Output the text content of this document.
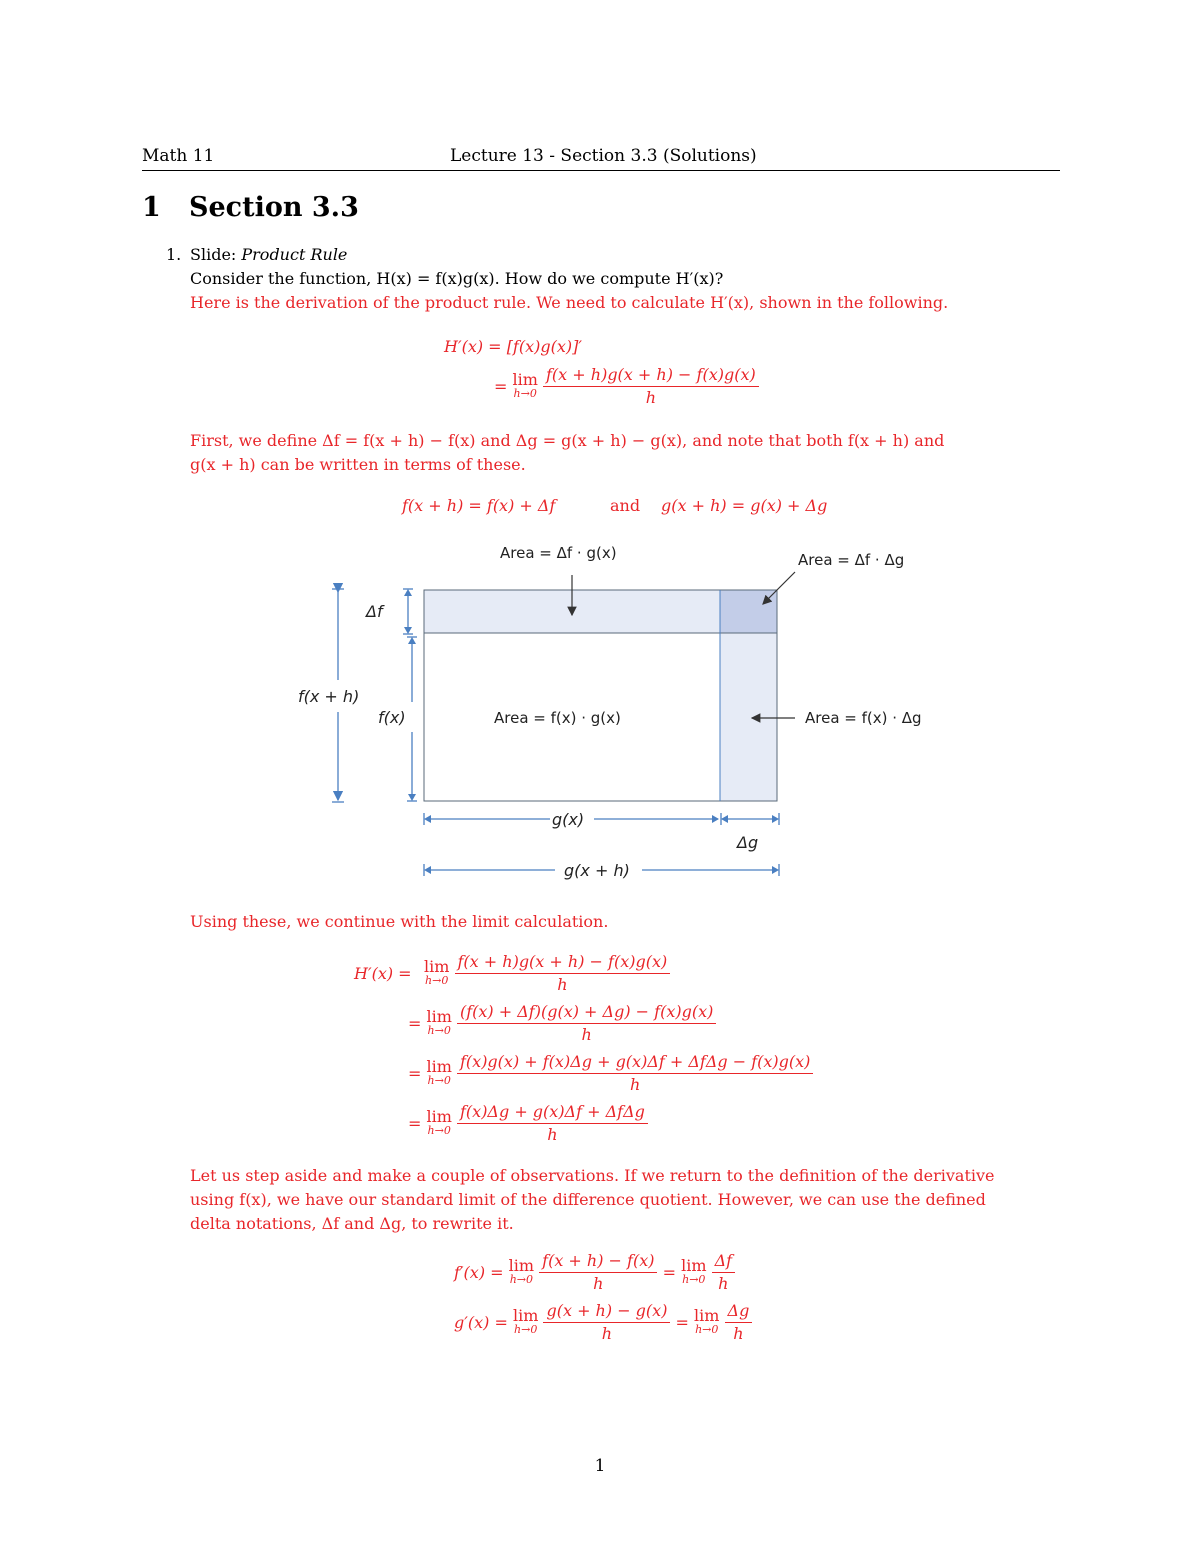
Math 11	Lecture 13 - Section 3.3 (Solutions)
1 Section 3.3
1. Slide: Product Rule
Consider the function, H(x) = f(x)g(x). How do we compute H′(x)?
Here is the derivation of the product rule. We need to calculate H′(x), shown in the following.
H′(x) = [f(x)g(x)]′
= lim
h→0
$\frac{f(x + h)g(x + h) - f(x)g(x)}{h}$
First, we define Δf = f(x + h) − f(x) and Δg = g(x + h) − g(x), and note that both f(x + h) and
g(x + h) can be written in terms of these.
f(x + h) = f(x) + Δf	and g(x + h) = g(x) + Δg
Area = Δf · g(x)	Area = Δf · Δg
Area = f(x) · g(x)	Area = f(x) · Δg
Δf
f(x + h)
f(x)
g(x)
Δg
g(x + h)
Using these, we continue with the limit calculation.
H′(x) = lim
h→0
$\frac{f(x + h)g(x + h) - f(x)g(x)}{h}$
= lim
h→0
$\frac{(f(x) + \Delta f)(g(x) + \Delta g) - f(x)g(x)}{h}$
= lim
h→0
$\frac{\text{f(x)g(x) + f(x)Δg + g(x)Δf + ΔfΔg − f(x)g(x)}}{h}$
= lim
h→0
$\frac{\text{f(x)Δg + g(x)Δf + ΔfΔg}}{h}$
Let us step aside and make a couple of observations. If we return to the definition of the derivative
using f(x), we have our standard limit of the difference quotient. However, we can use the defined
delta notations, Δf and Δg, to rewrite it.
f′(x) = lim
h→0
$\frac{f(x + h) - f(x)}{h} = \lim$
h→0
$\frac{\Delta f}{h}$
g′(x) = lim
h→0
$\frac{g(x + h) - g(x)}{h} = \lim$
h→0
$\frac{\Delta g}{h}$
1
